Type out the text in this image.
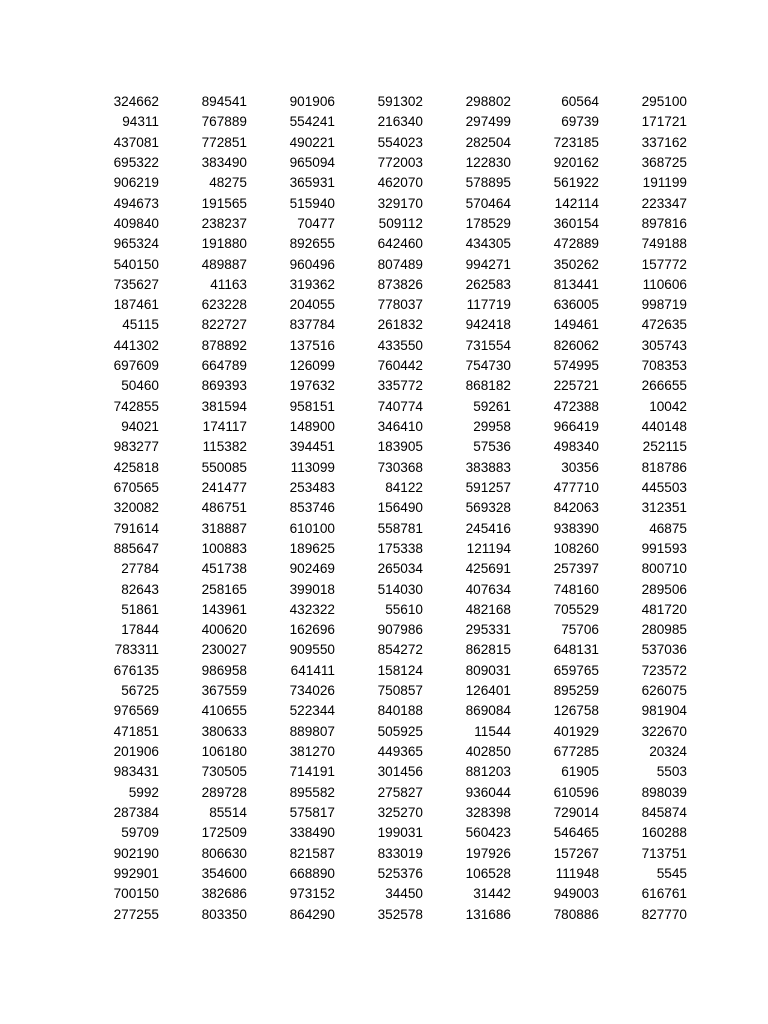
324662	894541	901906	591302	298802	60564	295100
94311	767889	554241	216340	297499	69739	171721
437081	772851	490221	554023	282504	723185	337162
695322	383490	965094	772003	122830	920162	368725
906219	48275	365931	462070	578895	561922	191199
494673	191565	515940	329170	570464	142114	223347
409840	238237	70477	509112	178529	360154	897816
965324	191880	892655	642460	434305	472889	749188
540150	489887	960496	807489	994271	350262	157772
735627	41163	319362	873826	262583	813441	110606
187461	623228	204055	778037	117719	636005	998719
45115	822727	837784	261832	942418	149461	472635
441302	878892	137516	433550	731554	826062	305743
697609	664789	126099	760442	754730	574995	708353
50460	869393	197632	335772	868182	225721	266655
742855	381594	958151	740774	59261	472388	10042
94021	174117	148900	346410	29958	966419	440148
983277	115382	394451	183905	57536	498340	252115
425818	550085	113099	730368	383883	30356	818786
670565	241477	253483	84122	591257	477710	445503
320082	486751	853746	156490	569328	842063	312351
791614	318887	610100	558781	245416	938390	46875
885647	100883	189625	175338	121194	108260	991593
27784	451738	902469	265034	425691	257397	800710
82643	258165	399018	514030	407634	748160	289506
51861	143961	432322	55610	482168	705529	481720
17844	400620	162696	907986	295331	75706	280985
783311	230027	909550	854272	862815	648131	537036
676135	986958	641411	158124	809031	659765	723572
56725	367559	734026	750857	126401	895259	626075
976569	410655	522344	840188	869084	126758	981904
471851	380633	889807	505925	11544	401929	322670
201906	106180	381270	449365	402850	677285	20324
983431	730505	714191	301456	881203	61905	5503
5992	289728	895582	275827	936044	610596	898039
287384	85514	575817	325270	328398	729014	845874
59709	172509	338490	199031	560423	546465	160288
902190	806630	821587	833019	197926	157267	713751
992901	354600	668890	525376	106528	111948	5545
700150	382686	973152	34450	31442	949003	616761
277255	803350	864290	352578	131686	780886	827770
